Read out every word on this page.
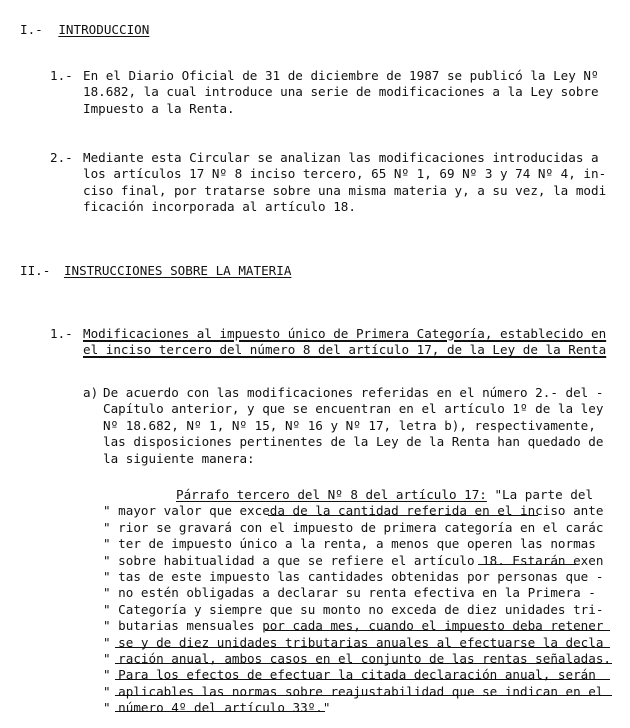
I.- INTRODUCCION
1.- En el Diario Oficial de 31 de diciembre de 1987 se publicó la Ley Nº
18.682, la cual introduce una serie de modificaciones a la Ley sobre
Impuesto a la Renta.
2.- Mediante esta Circular se analizan las modificaciones introducidas a
los artículos 17 Nº 8 inciso tercero, 65 Nº 1, 69 Nº 3 y 74 Nº 4, in-
ciso final, por tratarse sobre una misma materia y, a su vez, la modi
ficación incorporada al artículo 18.
II.- INSTRUCCIONES SOBRE LA MATERIA
1.- Modificaciones al impuesto único de Primera Categoría, establecido en
el inciso tercero del número 8 del artículo 17, de la Ley de la Renta
a) De acuerdo con las modificaciones referidas en el número 2.- del -
Capítulo anterior, y que se encuentran en el artículo 1º de la ley
Nº 18.682, Nº 1, Nº 15, Nº 16 y Nº 17, letra b), respectivamente,
las disposiciones pertinentes de la Ley de la Renta han quedado de
la siguiente manera:
Párrafo tercero del Nº 8 del artículo 17: "La parte del
" mayor valor que exceda de la cantidad referida en el inciso ante
" rior se gravará con el impuesto de primera categoría en el carác
" ter de impuesto único a la renta, a menos que operen las normas
" sobre habitualidad a que se refiere el artículo 18. Estarán exen
" tas de este impuesto las cantidades obtenidas por personas que -
" no estén obligadas a declarar su renta efectiva en la Primera -
" Categoría y siempre que su monto no exceda de diez unidades tri-
" butarias mensuales por cada mes, cuando el impuesto deba retener
" se y de diez unidades tributarias anuales al efectuarse la decla
" ración anual, ambos casos en el conjunto de las rentas señaladas.
" Para los efectos de efectuar la citada declaración anual, serán
" aplicables las normas sobre reajustabilidad que se indican en el
" número 4º del artículo 33º."
